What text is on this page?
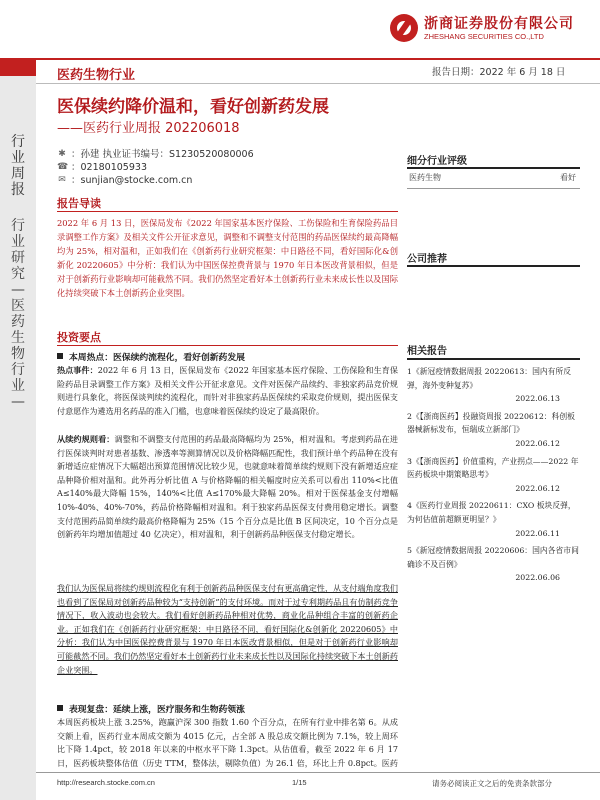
浙商证券股份有限公司
ZHESHANG SECURITIES CO.,LTD
行
业
周
报
行
业
研
究
—
医
药
生
物
行
业
—
医药生物行业	报告日期：2022 年 6 月 18 日
医保续约降价温和，看好创新药发展
——医药行业周报 202206018
✱ ：孙建 执业证书编号：S1230520080006
☎ ：02180105933
✉ ：sunjian@stocke.com.cn
报告导读
2022 年 6 月 13 日，医保局发布《2022 年国家基本医疗保险、工伤保险和生育保险药品目录调整工作方案》及相关文件公开征求意见，调整和不调整支付范围的药品医保续约最高降幅均为 25%，相对温和，正如我们在《创新药行业研究框架：中日路径不同，看好国际化&创新化 20220605》中分析：我们认为中国医保控费背景与 1970 年日本医改背景相似，但是对于创新药行业影响却可能截然不同。我们仍然坚定看好本土创新药行业未来成长性以及国际化持续突破下本土创新药企业突围。
投资要点
本周热点：医保续约流程化，看好创新药发展
热点事件：2022 年 6 月 13 日，医保局发布《2022 年国家基本医疗保险、工伤保险和生育保险药品目录调整工作方案》及相关文件公开征求意见。文件对医保产品续约、非独家药品竞价规则进行具象化，将医保谈判续约流程化，而针对非独家药品医保续约采取竞价规则，提出医保支付意愿作为遴选用名药品的准入门槛，也意味着医保续约设定了最高限价。
从续约规则看：调整和不调整支付范围的药品最高降幅均为 25%，相对温和。考虑到药品在进行医保谈判时对患者基数、渗透率等测算情况以及价格降幅匹配性，我们预计单个药品种在没有新增适应症情况下大幅超出预算范围情况比较少见，也就意味着简单续约规则下没有新增适应症品种降价相对温和。此外再分析比值 A 与价格降幅的相关幅度时应关系可以看出 110%<比值 A≤140%最大降幅 15%，140%<比值 A≤170%最大降幅 20%。相对于医保基金支付增幅 10%-40%、40%-70%，药品价格降幅相对温和。利于独家药品医保支付费用稳定增长。调整支付范围药品简单续约最高价格降幅为 25%（15 个百分点是比值 B 区间决定，10 个百分点是创新药年均增加值超过 40 亿决定），相对温和，利于创新药品种医保支付稳定增长。
我们认为医保局将续约规则流程化有利于创新药品种医保支付有更高确定性，从支付端角度我们也看到了医保局对创新药品种较为“支持创新”的支付环境。而对于过专利期药品且有仿制药竞争情况下，收入波动也会较大。我们看好创新药品种相对优势，商业化品种组合丰富的创新药企业。正如我们在《创新药行业研究框架：中日路径不同，看好国际化&创新化 20220605》中分析：我们认为中国医保控费背景与 1970 年日本医改背景相似，但是对于创新药行业影响却可能截然不同。我们仍然坚定看好本土创新药行业未来成长性以及国际化持续突破下本土创新药企业突围。
表现复盘：延续上涨，医疗服务和生物药领涨
本周医药板块上涨 3.25%，跑赢沪深 300 指数 1.60 个百分点，在所有行业中排名第 6。从成交额上看，医药行业本周成交额为 4015 亿元，占全部 A 股总成交额比例为 7.1%，较上周环比下降 1.4pct，较 2018 年以来的中枢水平下降 1.3pct。从估值看，截至 2022 年 6 月 17 日，医药板块整体估值（历史 TTM，整体法，剔除负值）为 26.1 倍，环比上升 0.8pct。医药
细分行业评级
医药生物	看好
公司推荐
相关报告
1《新冠疫情数据周报 20220613：国内有所反弹，海外变种复苏》
2022.06.13
2《【浙商医药】投融资周报 20220612：科创板器械新标发布，恒瑞成立新部门》
2022.06.12
3《【浙商医药】价值重构，产业拐点——2022 年医药板块中期策略思考》
2022.06.12
4《医药行业周报 20220611：CXO 板块反弹，为何估值前超额更明显？》
2022.06.11
5《新冠疫情数据周报 20220606：国内各省市间确诊不及百例》
2022.06.06
http://research.stocke.com.cn	1/15	请务必阅读正文之后的免责条款部分
